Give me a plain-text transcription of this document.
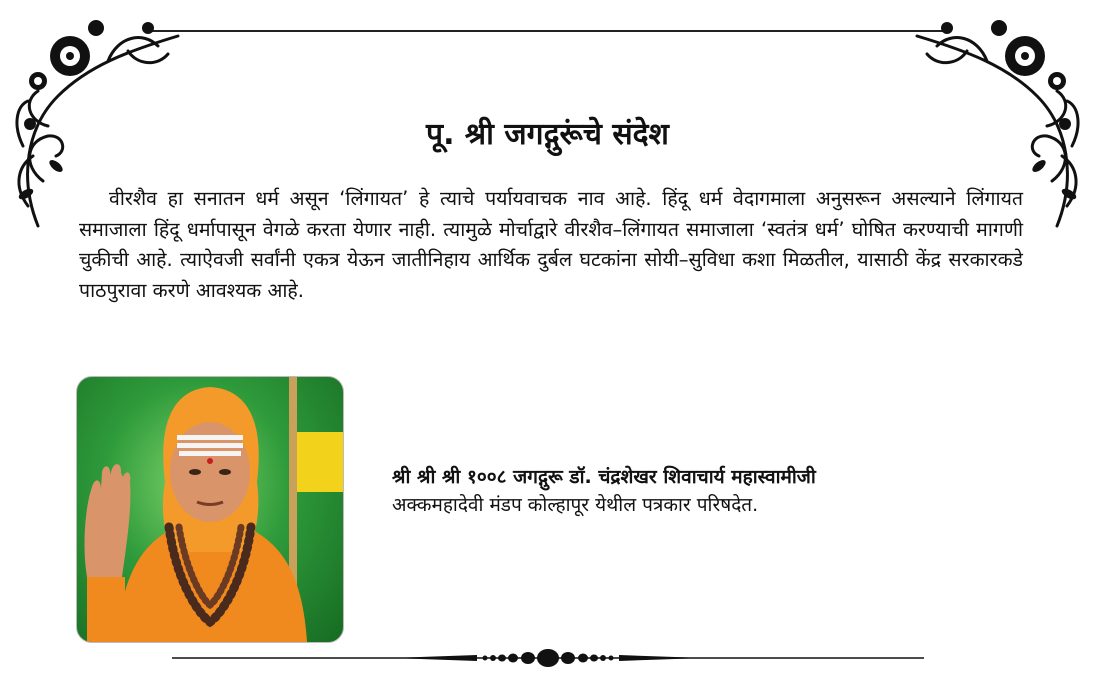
पू. श्री जगद्गुरूंचे संदेश

वीरशैव हा सनातन धर्म असून ‘लिंगायत’ हे त्याचे पर्यायवाचक नाव आहे. हिंदू धर्म वेदागमाला अनुसरून असल्याने लिंगायत समाजाला हिंदू धर्मापासून वेगळे करता येणार नाही. त्यामुळे मोर्चाद्वारे वीरशैव–लिंगायत समाजाला ‘स्वतंत्र धर्म’ घोषित करण्याची मागणी चुकीची आहे. त्याऐवजी सर्वांनी एकत्र येऊन जातीनिहाय आर्थिक दुर्बल घटकांना सोयी–सुविधा कशा मिळतील, यासाठी केंद्र सरकारकडे पाठपुरावा करणे आवश्यक आहे.

श्री श्री श्री १००८ जगद्गुरू डॉ. चंद्रशेखर शिवाचार्य महास्वामीजी
अक्कमहादेवी मंडप कोल्हापूर येथील पत्रकार परिषदेत.
